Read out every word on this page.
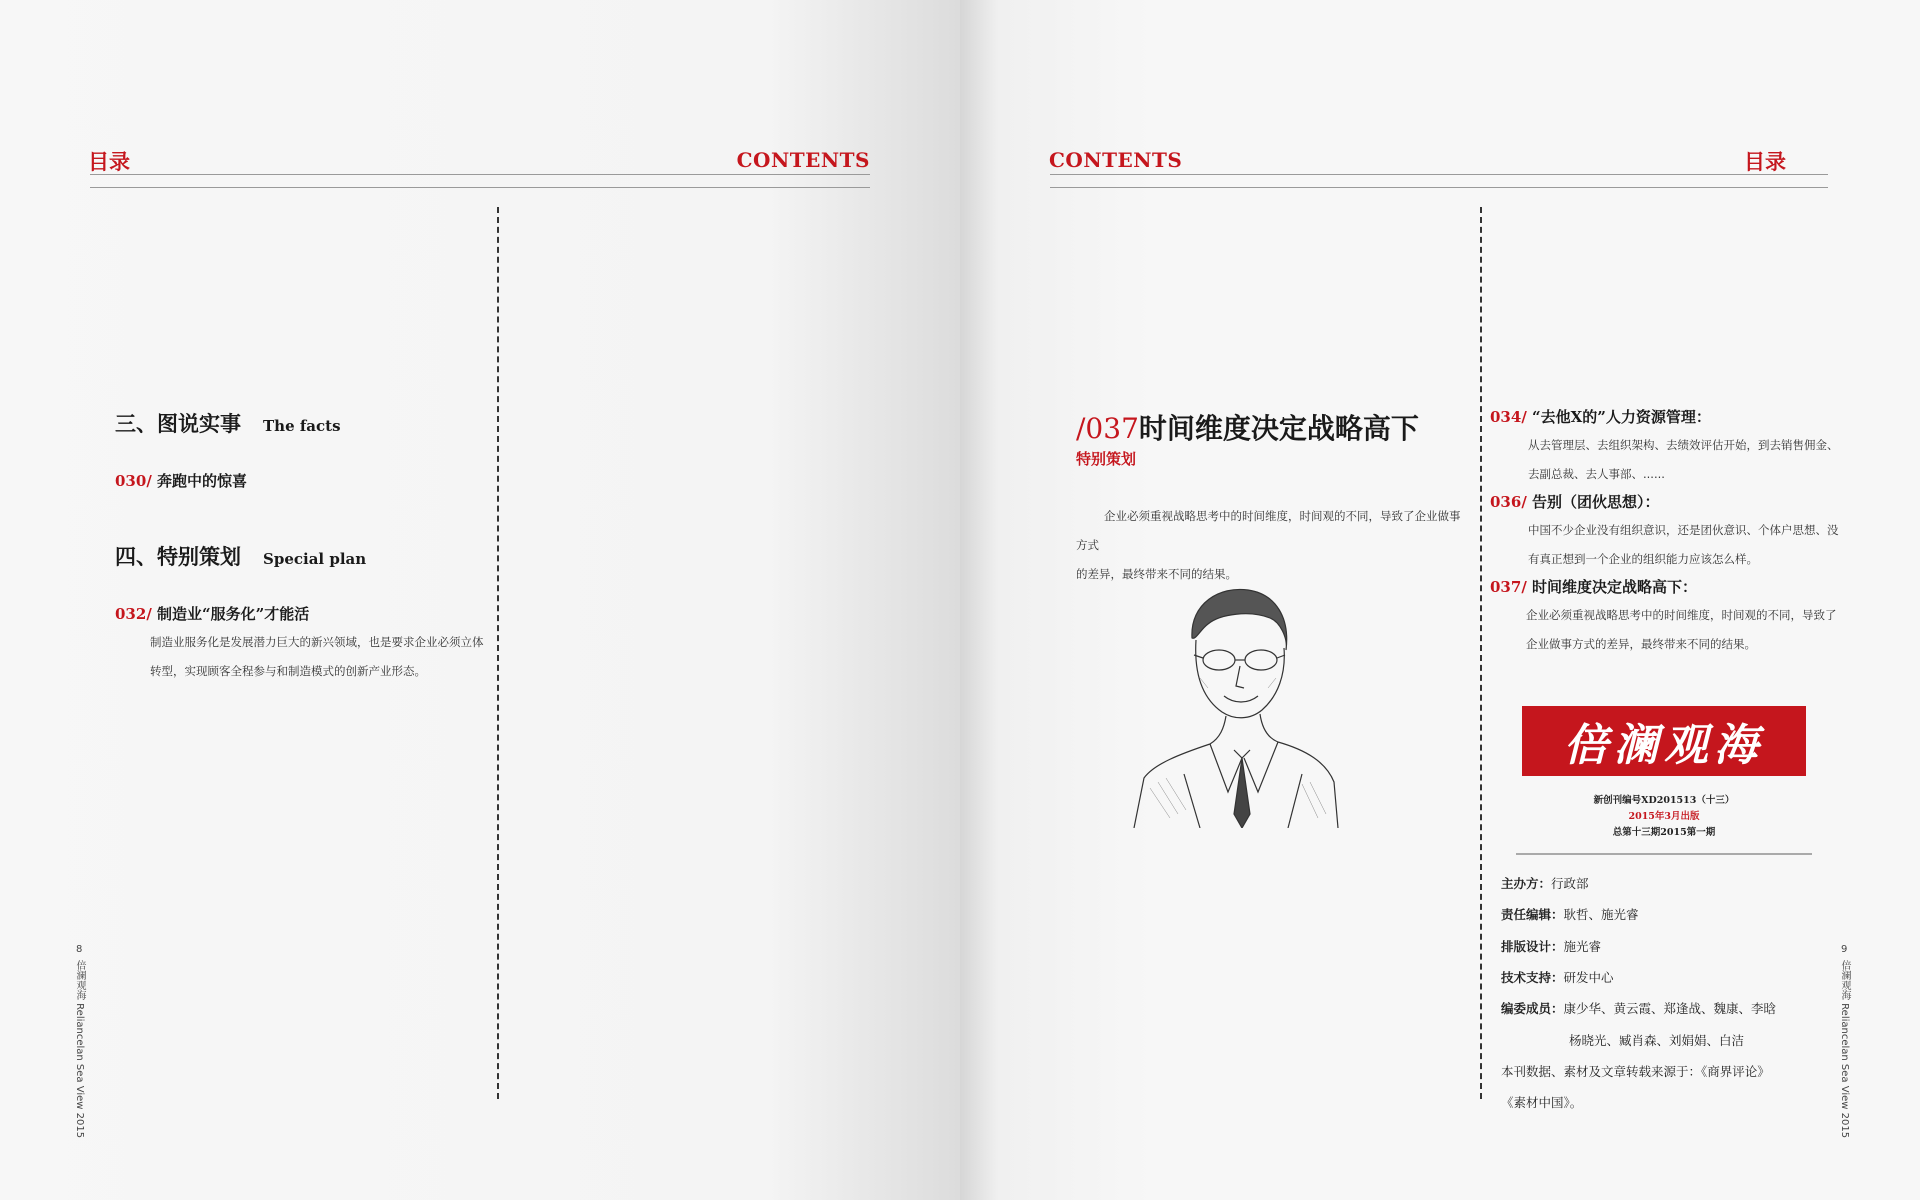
目录	CONTENTS
三、图说实事 The facts
030/ 奔跑中的惊喜
四、特别策划 Special plan
032/ 制造业“服务化”才能活
制造业服务化是发展潜力巨大的新兴领域，也是要求企业必须立体
转型，实现顾客全程参与和制造模式的创新产业形态。
8
倍澜观海 Reliancelan Sea View 2015
CONTENTS	目录
/037时间维度决定战略高下
特别策划
企业必须重视战略思考中的时间维度，时间观的不同，导致了企业做事方式
的差异，最终带来不同的结果。
034/ “去他X的”人力资源管理：
从去管理层、去组织架构、去绩效评估开始，到去销售佣金、
去副总裁、去人事部、......
036/ 告别（团伙思想）：
中国不少企业没有组织意识，还是团伙意识、个体户思想、没
有真正想到一个企业的组织能力应该怎么样。
037/ 时间维度决定战略高下：
企业必须重视战略思考中的时间维度，时间观的不同，导致了
企业做事方式的差异，最终带来不同的结果。
倍澜观海
新创刊编号XD201513（十三）
2015年3月出版
总第十三期2015第一期
主办方：行政部
责任编辑：耿哲、施光睿
排版设计：施光睿
技术支持：研发中心
编委成员：康少华、黄云霞、郑逢战、魏康、李晗
杨晓光、臧肖森、刘娟娟、白洁
本刊数据、素材及文章转载来源于：《商界评论》
《素材中国》。
9
倍澜观海 Reliancelan Sea View 2015
